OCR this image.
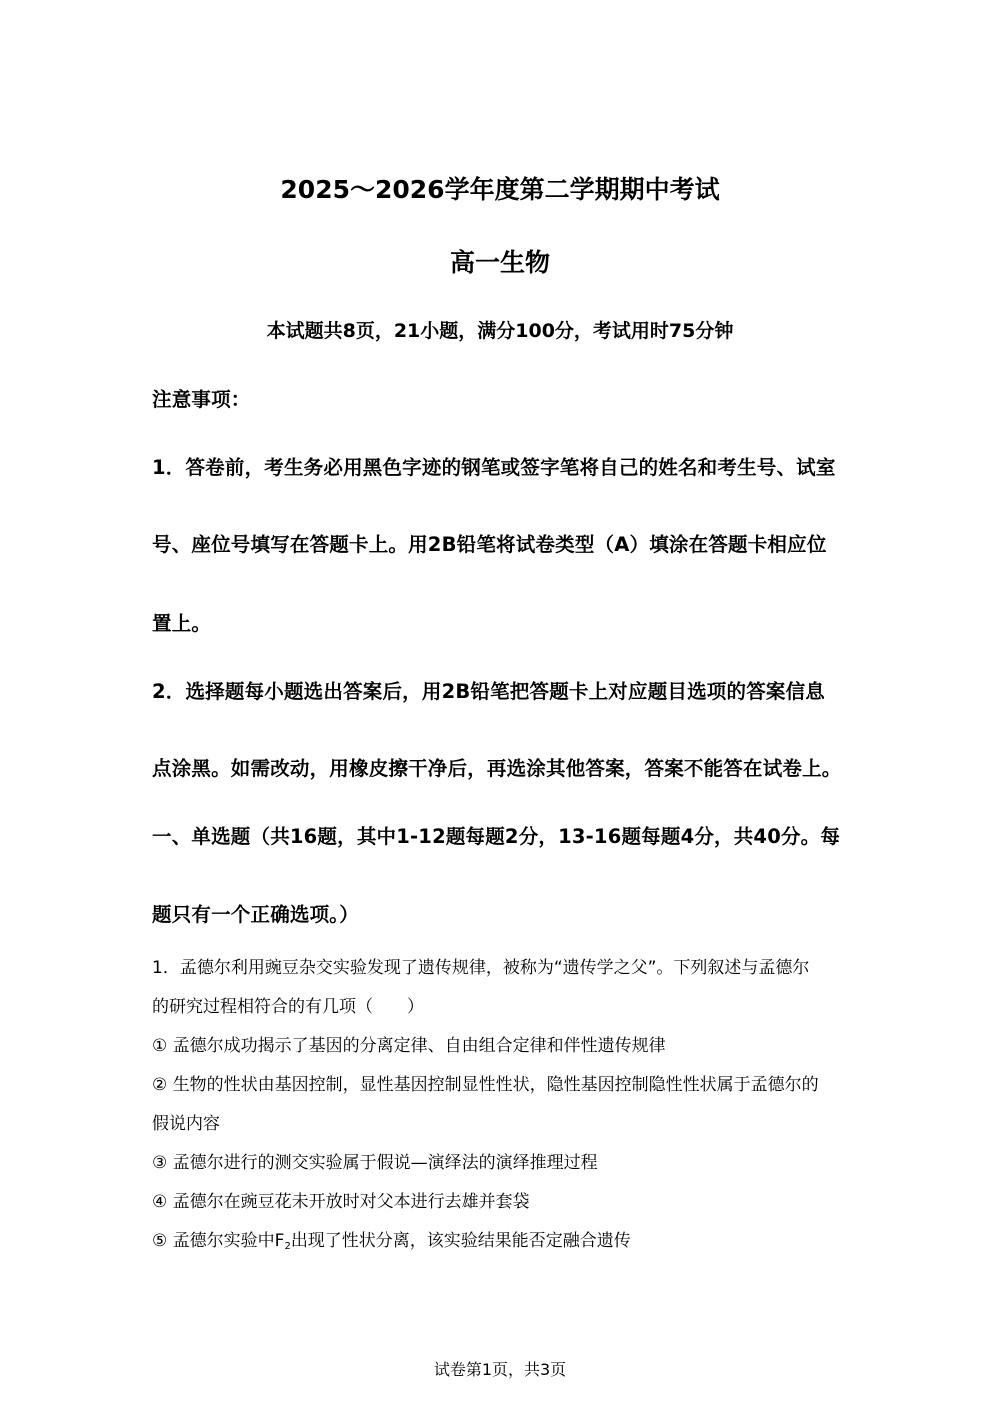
2025～2026学年度第二学期期中考试
高一生物
本试题共8页，21小题，满分100分，考试用时75分钟
注意事项：
1．答卷前，考生务必用黑色字迹的钢笔或签字笔将自己的姓名和考生号、试室
号、座位号填写在答题卡上。用2B铅笔将试卷类型（A）填涂在答题卡相应位
置上。
2．选择题每小题选出答案后，用2B铅笔把答题卡上对应题目选项的答案信息
点涂黑。如需改动，用橡皮擦干净后，再选涂其他答案，答案不能答在试卷上。
一、单选题（共16题，其中1-12题每题2分，13-16题每题4分，共40分。每
题只有一个正确选项。）
1．孟德尔利用豌豆杂交实验发现了遗传规律，被称为“遗传学之父”。下列叙述与孟德尔
的研究过程相符合的有几项（　　）
① 孟德尔成功揭示了基因的分离定律、自由组合定律和伴性遗传规律
② 生物的性状由基因控制，显性基因控制显性性状，隐性基因控制隐性性状属于孟德尔的
假说内容
③ 孟德尔进行的测交实验属于假说—演绎法的演绎推理过程
④ 孟德尔在豌豆花未开放时对父本进行去雄并套袋
⑤ 孟德尔实验中$F_2$出现了性状分离，该实验结果能否定融合遗传
试卷第1页，共3页
